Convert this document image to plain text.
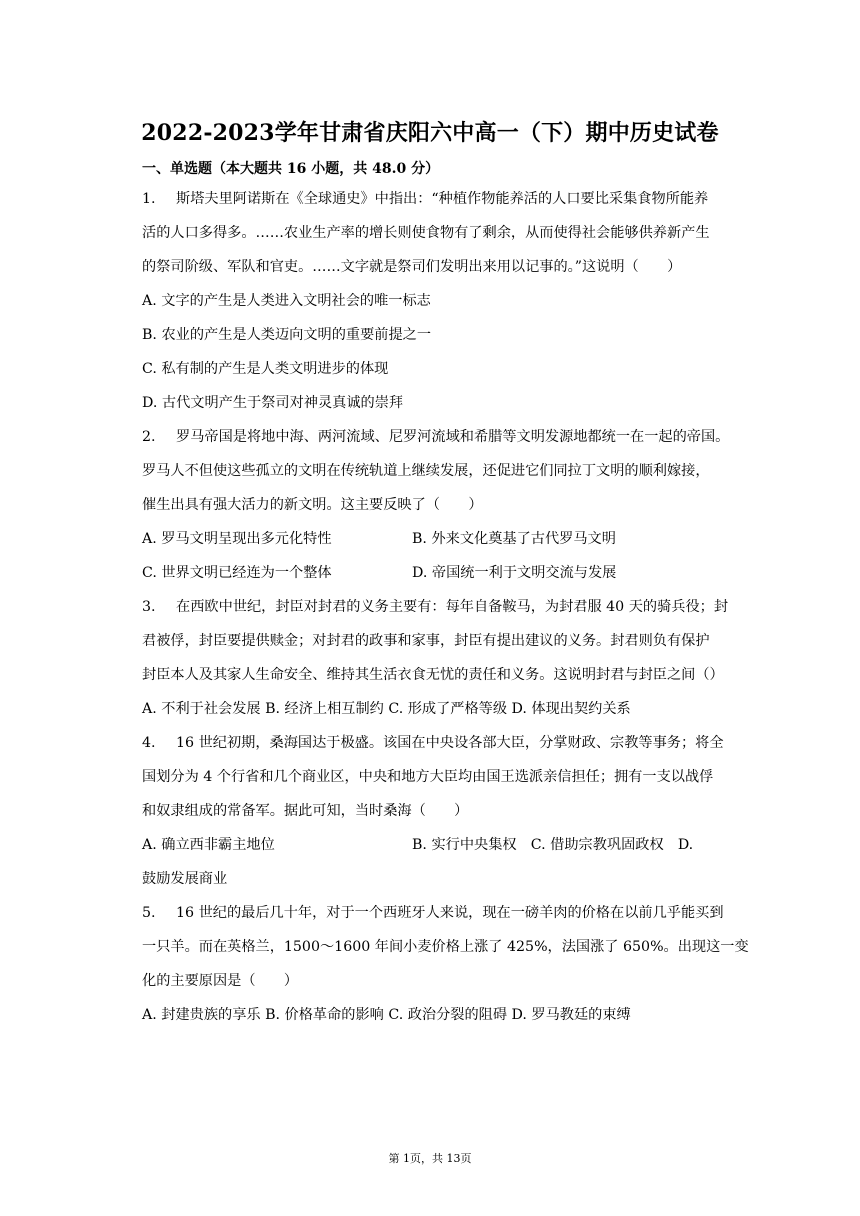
2022-2023学年甘肃省庆阳六中高一（下）期中历史试卷
一、单选题（本大题共 16 小题，共 48.0 分）

1. 斯塔夫里阿诺斯在《全球通史》中指出：“种植作物能养活的人口要比采集食物所能养

活的人口多得多。……农业生产率的增长则使食物有了剩余，从而使得社会能够供养新产生

的祭司阶级、军队和官吏。……文字就是祭司们发明出来用以记事的。”这说明（　　）

A. 文字的产生是人类进入文明社会的唯一标志

B. 农业的产生是人类迈向文明的重要前提之一

C. 私有制的产生是人类文明进步的体现

D. 古代文明产生于祭司对神灵真诚的崇拜

2. 罗马帝国是将地中海、两河流域、尼罗河流域和希腊等文明发源地都统一在一起的帝国。

罗马人不但使这些孤立的文明在传统轨道上继续发展，还促进它们同拉丁文明的顺利嫁接，

催生出具有强大活力的新文明。这主要反映了（　　）

A. 罗马文明呈现出多元化特性	B. 外来文化奠基了古代罗马文明
C. 世界文明已经连为一个整体	D. 帝国统一利于文明交流与发展

3. 在西欧中世纪，封臣对封君的义务主要有：每年自备鞍马，为封君服 40 天的骑兵役；封

君被俘，封臣要提供赎金；对封君的政事和家事，封臣有提出建议的义务。封君则负有保护

封臣本人及其家人生命安全、维持其生活衣食无忧的责任和义务。这说明封君与封臣之间（）

A. 不利于社会发展 B. 经济上相互制约 C. 形成了严格等级 D. 体现出契约关系

4. 16 世纪初期，桑海国达于极盛。该国在中央设各部大臣，分掌财政、宗教等事务；将全

国划分为 4 个行省和几个商业区，中央和地方大臣均由国王选派亲信担任；拥有一支以战俘

和奴隶组成的常备军。据此可知，当时桑海（　　）

A. 确立西非霸主地位	B. 实行中央集权　C. 借助宗教巩固政权　D.

鼓励发展商业

5. 16 世纪的最后几十年，对于一个西班牙人来说，现在一磅羊肉的价格在以前几乎能买到

一只羊。而在英格兰，1500～1600 年间小麦价格上涨了 425%，法国涨了 650%。出现这一变

化的主要原因是（　　）

A. 封建贵族的享乐 B. 价格革命的影响 C. 政治分裂的阻碍 D. 罗马教廷的束缚

第 1页，共 13页
